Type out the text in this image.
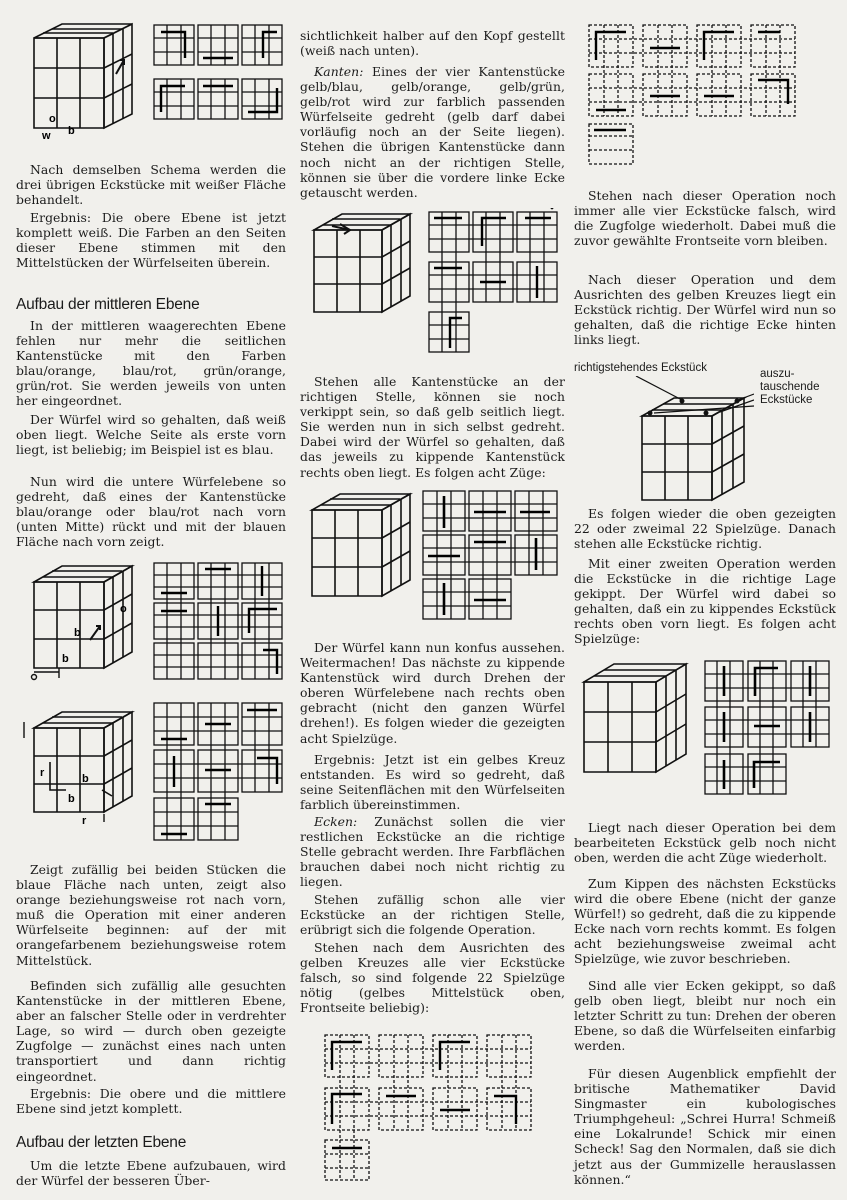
o
b
w

Nach demselben Schema werden die drei übrigen Eckstücke mit weißer Fläche behandelt.

Ergebnis: Die obere Ebene ist jetzt komplett weiß. Die Farben an den Seiten dieser Ebene stimmen mit den Mittelstücken der Würfelseiten überein.

Aufbau der mittleren Ebene

In der mittleren waagerechten Ebene fehlen nur mehr die seitlichen Kantenstücke mit den Farben blau/orange, blau/rot, grün/orange, grün/rot. Sie werden jeweils von unten her eingeordnet.

Der Würfel wird so gehalten, daß weiß oben liegt. Welche Seite als erste vorn liegt, ist beliebig; im Beispiel ist es blau.

Nun wird die untere Würfelebene so gedreht, daß eines der Kantenstücke blau/orange oder blau/rot nach vorn (unten Mitte) rückt und mit der blauen Fläche nach vorn zeigt.

b
b
o
r	b
b
r

Zeigt zufällig bei beiden Stücken die blaue Fläche nach unten, zeigt also orange beziehungsweise rot nach vorn, muß die Operation mit einer anderen Würfelseite beginnen: auf der mit orangefarbenem beziehungsweise rotem Mittelstück.

Befinden sich zufällig alle gesuchten Kantenstücke in der mittleren Ebene, aber an falscher Stelle oder in verdrehter Lage, so wird — durch oben gezeigte Zugfolge — zunächst eines nach unten transportiert und dann richtig eingeordnet.

Ergebnis: Die obere und die mittlere Ebene sind jetzt komplett.

Aufbau der letzten Ebene

Um die letzte Ebene aufzubauen, wird der Würfel der besseren Über-

sichtlichkeit halber auf den Kopf gestellt (weiß nach unten).

Kanten: Eines der vier Kantenstücke gelb/blau, gelb/orange, gelb/grün, gelb/rot wird zur farblich passenden Würfelseite gedreht (gelb darf dabei vorläufig noch an der Seite liegen). Stehen die übrigen Kantenstücke dann noch nicht an der richtigen Stelle, können sie über die vordere linke Ecke getauscht werden.

Stehen alle Kantenstücke an der richtigen Stelle, können sie noch verkippt sein, so daß gelb seitlich liegt. Sie werden nun in sich selbst gedreht. Dabei wird der Würfel so gehalten, daß das jeweils zu kippende Kantenstück rechts oben liegt. Es folgen acht Züge:

Der Würfel kann nun konfus aussehen. Weitermachen! Das nächste zu kippende Kantenstück wird durch Drehen der oberen Würfelebene nach rechts oben gebracht (nicht den ganzen Würfel drehen!). Es folgen wieder die gezeigten acht Spielzüge.

Ergebnis: Jetzt ist ein gelbes Kreuz entstanden. Es wird so gedreht, daß seine Seitenflächen mit den Würfelseiten farblich übereinstimmen.

Ecken: Zunächst sollen die vier restlichen Eckstücke an die richtige Stelle gebracht werden. Ihre Farbflächen brauchen dabei noch nicht richtig zu liegen.

Stehen zufällig schon alle vier Eckstücke an der richtigen Stelle, erübrigt sich die folgende Operation.

Stehen nach dem Ausrichten des gelben Kreuzes alle vier Eckstücke falsch, so sind folgende 22 Spielzüge nötig (gelbes Mittelstück oben, Frontseite beliebig):

Stehen nach dieser Operation noch immer alle vier Eckstücke falsch, wird die Zugfolge wiederholt. Dabei muß die zuvor gewählte Frontseite vorn bleiben.

Nach dieser Operation und dem Ausrichten des gelben Kreuzes liegt ein Eckstück richtig. Der Würfel wird nun so gehalten, daß die richtige Ecke hinten links liegt.

richtigstehendes Eckstück	auszu-
tauschende
Eckstücke

Es folgen wieder die oben gezeigten 22 oder zweimal 22 Spielzüge. Danach stehen alle Eckstücke richtig.

Mit einer zweiten Operation werden die Eckstücke in die richtige Lage gekippt. Der Würfel wird dabei so gehalten, daß ein zu kippendes Eckstück rechts oben vorn liegt. Es folgen acht Spielzüge:

Liegt nach dieser Operation bei dem bearbeiteten Eckstück gelb noch nicht oben, werden die acht Züge wiederholt.

Zum Kippen des nächsten Eckstücks wird die obere Ebene (nicht der ganze Würfel!) so gedreht, daß die zu kippende Ecke nach vorn rechts kommt. Es folgen acht beziehungsweise zweimal acht Spielzüge, wie zuvor beschrieben.

Sind alle vier Ecken gekippt, so daß gelb oben liegt, bleibt nur noch ein letzter Schritt zu tun: Drehen der oberen Ebene, so daß die Würfelseiten einfarbig werden.

Für diesen Augenblick empfiehlt der britische Mathematiker David Singmaster ein kubologisches Triumphgeheul: „Schrei Hurra! Schmeiß eine Lokalrunde! Schick mir einen Scheck! Sag den Normalen, daß sie dich jetzt aus der Gummizelle herauslassen können.“
